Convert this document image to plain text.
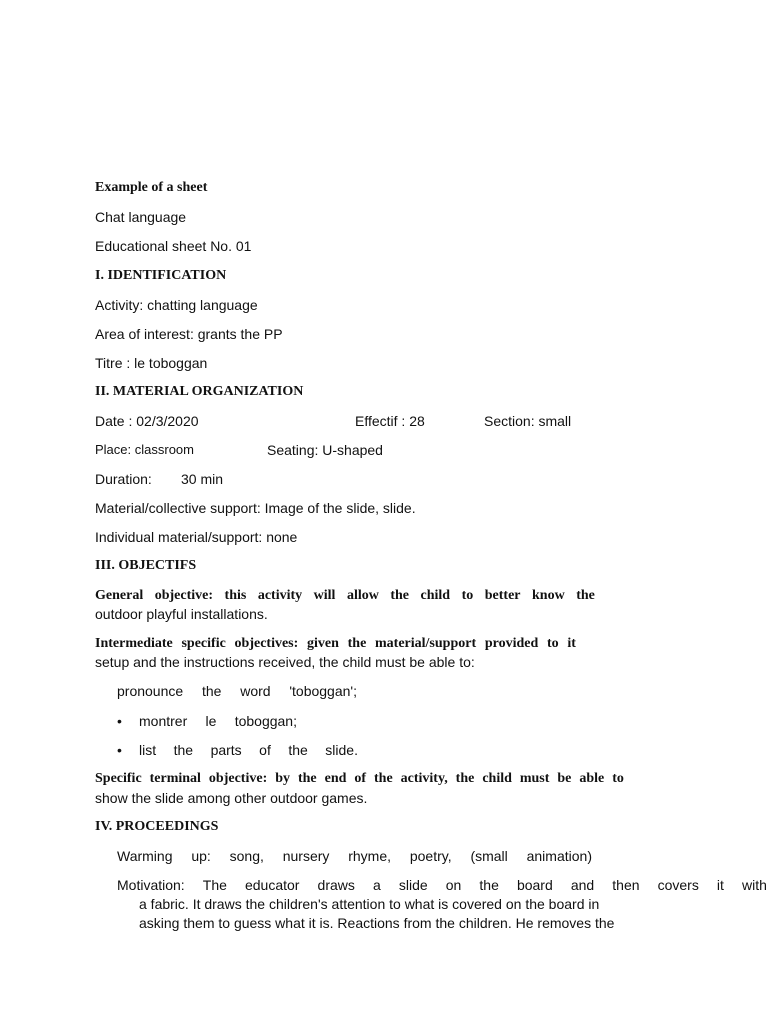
Example of a sheet
Chat language
Educational sheet No. 01
I. IDENTIFICATION
Activity: chatting language
Area of interest: grants the PP
Titre : le toboggan
II. MATERIAL ORGANIZATION
Date : 02/3/2020	Effectif : 28	Section: small
Place: classroom	Seating: U-shaped
Duration: 30 min
Material/collective support: Image of the slide, slide.
Individual material/support: none
III. OBJECTIFS
General objective: this activity will allow the child to better know the
outdoor playful installations.
Intermediate specific objectives: given the material/support provided to it
setup and the instructions received, the child must be able to:
pronounce the word 'toboggan';
• montrer le toboggan;
• list the parts of the slide.
Specific terminal objective: by the end of the activity, the child must be able to
show the slide among other outdoor games.
IV. PROCEEDINGS
Warming up: song, nursery rhyme, poetry, (small animation)
Motivation: The educator draws a slide on the board and then covers it with
a fabric. It draws the children's attention to what is covered on the board in
asking them to guess what it is. Reactions from the children. He removes the
